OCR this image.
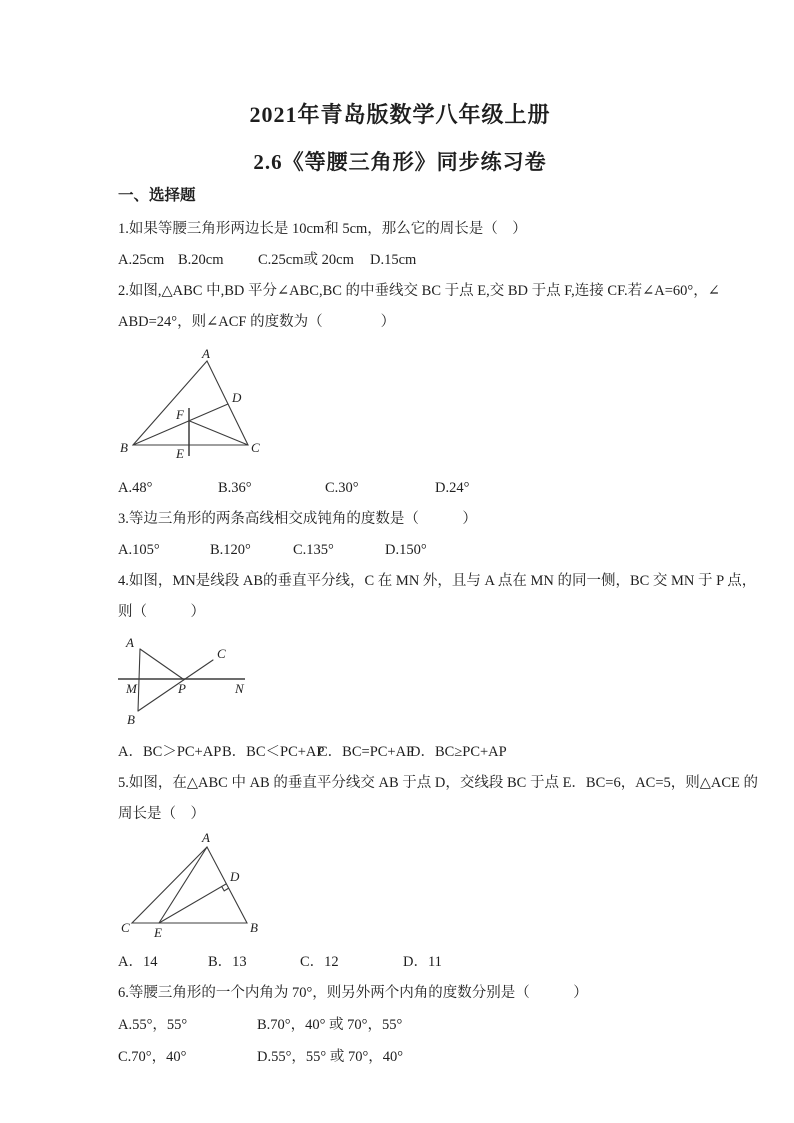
2021年青岛版数学八年级上册
2.6《等腰三角形》同步练习卷
一、选择题
1.如果等腰三角形两边长是 10cm和 5cm，那么它的周长是（　）
A.25cm B.20cm	C.25cm或 20cm	D.15cm
2.如图,△ABC 中,BD 平分∠ABC,BC 的中垂线交 BC 于点 E,交 BD 于点 F,连接 CF.若∠A=60°，∠
ABD=24°，则∠ACF 的度数为（　　　　）
A
B	C
D
F
E
A.48°	B.36°	C.30°	D.24°
3.等边三角形的两条高线相交成钝角的度数是（　　　）
A.105°	B.120°	C.135°	D.150°
4.如图，MN是线段 AB的垂直平分线，C 在 MN 外，且与 A 点在 MN 的同一侧，BC 交 MN 于 P 点，
则（　　　）
A
M
B
P
C
N
A．BC＞PC+AP B．BC＜PC+AP
C．BC=PC+AP
D．BC≥PC+AP
5.如图，在△ABC 中 AB 的垂直平分线交 AB 于点 D，交线段 BC 于点 E．BC=6，AC=5，则△ACE 的
周长是（　）
A
C E	B
D
A．14	B．13	C．12	D．11
6.等腰三角形的一个内角为 70°，则另外两个内角的度数分别是（　　　）
A.55°，55°	B.70°，40° 或 70°，55°
C.70°，40°	D.55°，55° 或 70°，40°
